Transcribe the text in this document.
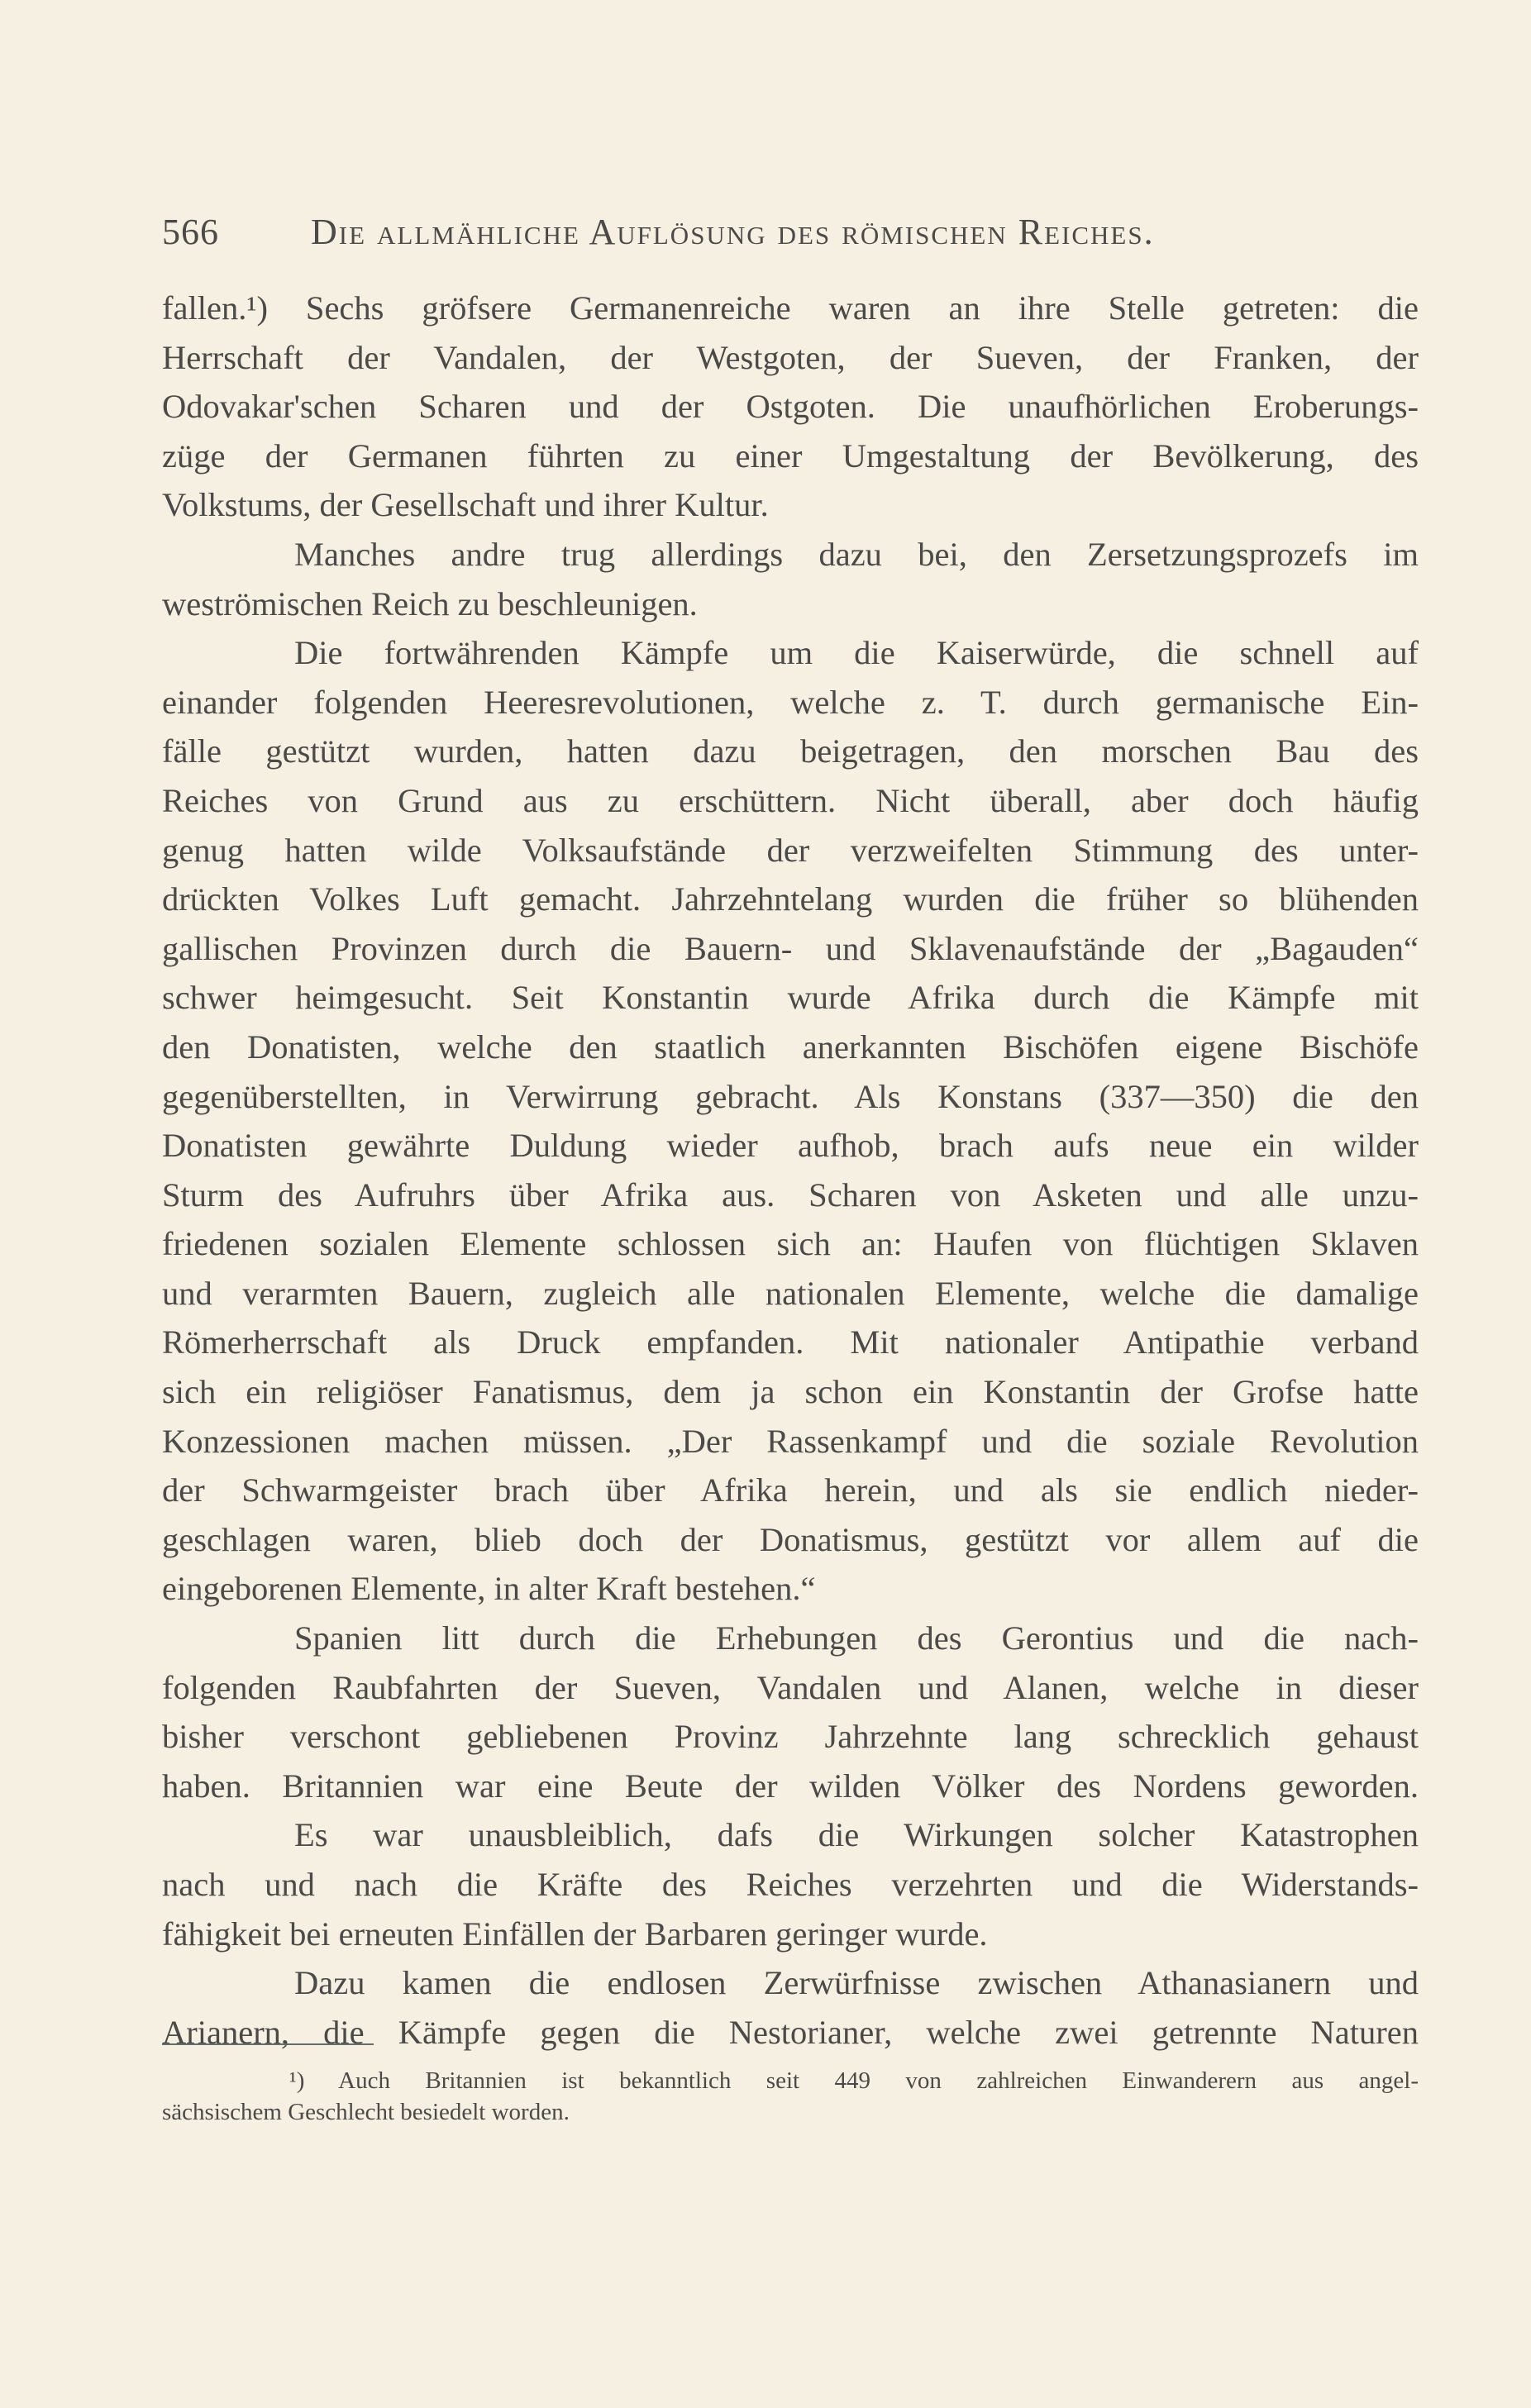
566	Die allmähliche Auflösung des römischen Reiches.
fallen.¹) Sechs gröfsere Germanenreiche waren an ihre Stelle getreten: die
Herrschaft der Vandalen, der Westgoten, der Sueven, der Franken, der
Odovakar'schen Scharen und der Ostgoten. Die unaufhörlichen Eroberungs-
züge der Germanen führten zu einer Umgestaltung der Bevölkerung, des
Volkstums, der Gesellschaft und ihrer Kultur.
Manches andre trug allerdings dazu bei, den Zersetzungsprozefs im
weströmischen Reich zu beschleunigen.
Die fortwährenden Kämpfe um die Kaiserwürde, die schnell auf
einander folgenden Heeresrevolutionen, welche z. T. durch germanische Ein-
fälle gestützt wurden, hatten dazu beigetragen, den morschen Bau des
Reiches von Grund aus zu erschüttern. Nicht überall, aber doch häufig
genug hatten wilde Volksaufstände der verzweifelten Stimmung des unter-
drückten Volkes Luft gemacht. Jahrzehntelang wurden die früher so blühenden
gallischen Provinzen durch die Bauern- und Sklavenaufstände der „Bagauden“
schwer heimgesucht. Seit Konstantin wurde Afrika durch die Kämpfe mit
den Donatisten, welche den staatlich anerkannten Bischöfen eigene Bischöfe
gegenüberstellten, in Verwirrung gebracht. Als Konstans (337—350) die den
Donatisten gewährte Duldung wieder aufhob, brach aufs neue ein wilder
Sturm des Aufruhrs über Afrika aus. Scharen von Asketen und alle unzu-
friedenen sozialen Elemente schlossen sich an: Haufen von flüchtigen Sklaven
und verarmten Bauern, zugleich alle nationalen Elemente, welche die damalige
Römerherrschaft als Druck empfanden. Mit nationaler Antipathie verband
sich ein religiöser Fanatismus, dem ja schon ein Konstantin der Grofse hatte
Konzessionen machen müssen. „Der Rassenkampf und die soziale Revolution
der Schwarmgeister brach über Afrika herein, und als sie endlich nieder-
geschlagen waren, blieb doch der Donatismus, gestützt vor allem auf die
eingeborenen Elemente, in alter Kraft bestehen.“
Spanien litt durch die Erhebungen des Gerontius und die nach-
folgenden Raubfahrten der Sueven, Vandalen und Alanen, welche in dieser
bisher verschont gebliebenen Provinz Jahrzehnte lang schrecklich gehaust
haben. Britannien war eine Beute der wilden Völker des Nordens geworden.
Es war unausbleiblich, dafs die Wirkungen solcher Katastrophen
nach und nach die Kräfte des Reiches verzehrten und die Widerstands-
fähigkeit bei erneuten Einfällen der Barbaren geringer wurde.
Dazu kamen die endlosen Zerwürfnisse zwischen Athanasianern und
Arianern, die Kämpfe gegen die Nestorianer, welche zwei getrennte Naturen
¹) Auch Britannien ist bekanntlich seit 449 von zahlreichen Einwanderern aus angel-
sächsischem Geschlecht besiedelt worden.
